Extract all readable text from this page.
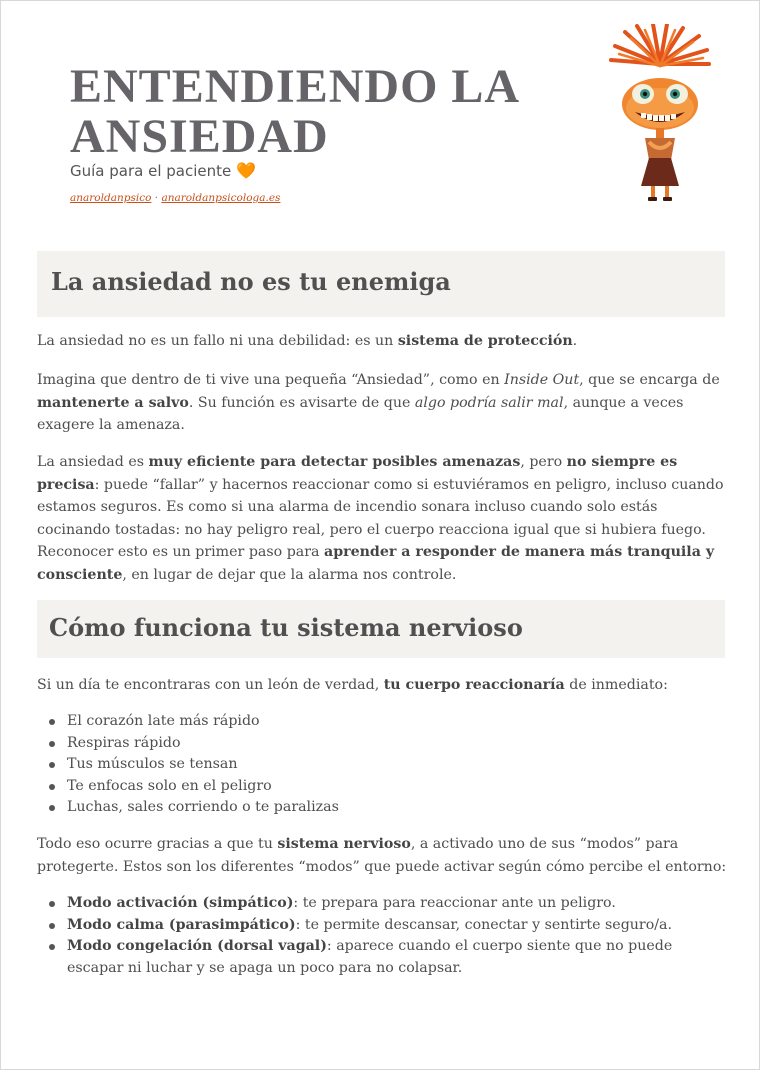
ENTENDIENDO LA
ANSIEDAD
Guía para el paciente 🧡
anaroldanpsico · anaroldanpsicologa.es
La ansiedad no es tu enemiga

La ansiedad no es un fallo ni una debilidad: es un sistema de protección.

Imagina que dentro de ti vive una pequeña “Ansiedad”, como en Inside Out, que se encarga de mantenerte a salvo. Su función es avisarte de que algo podría salir mal, aunque a veces exagere la amenaza.

La ansiedad es muy eficiente para detectar posibles amenazas, pero no siempre es precisa: puede “fallar” y hacernos reaccionar como si estuviéramos en peligro, incluso cuando estamos seguros. Es como si una alarma de incendio sonara incluso cuando solo estás cocinando tostadas: no hay peligro real, pero el cuerpo reacciona igual que si hubiera fuego. Reconocer esto es un primer paso para aprender a responder de manera más tranquila y consciente, en lugar de dejar que la alarma nos controle.

Cómo funciona tu sistema nervioso

Si un día te encontraras con un león de verdad, tu cuerpo reaccionaría de inmediato:

El corazón late más rápido
Respiras rápido
Tus músculos se tensan
Te enfocas solo en el peligro
Luchas, sales corriendo o te paralizas

Todo eso ocurre gracias a que tu sistema nervioso, a activado uno de sus “modos” para protegerte. Estos son los diferentes “modos” que puede activar según cómo percibe el entorno:

Modo activación (simpático): te prepara para reaccionar ante un peligro.
Modo calma (parasimpático): te permite descansar, conectar y sentirte seguro/a.
Modo congelación (dorsal vagal): aparece cuando el cuerpo siente que no puede escapar ni luchar y se apaga un poco para no colapsar.
